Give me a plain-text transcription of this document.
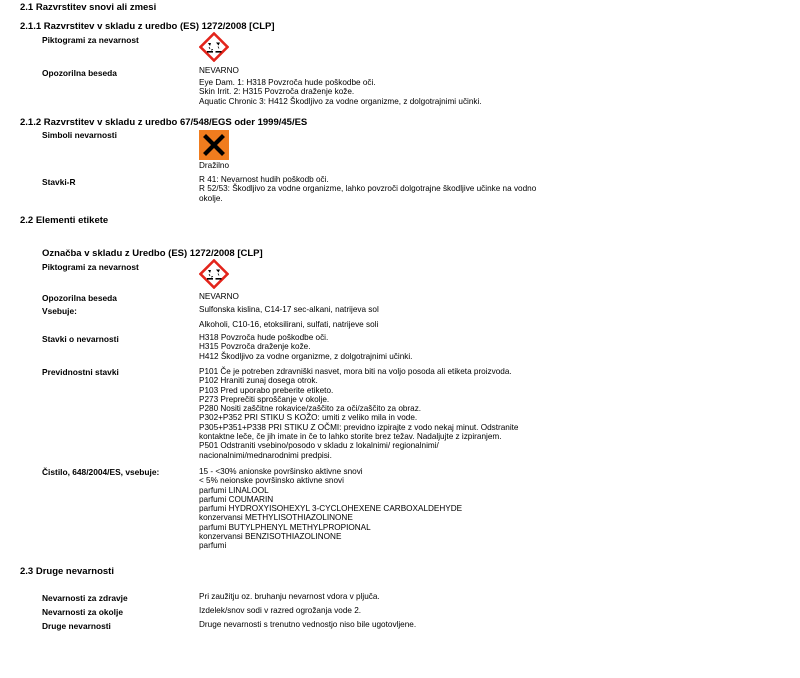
2.1 Razvrstitev snovi ali zmesi
2.1.1 Razvrstitev v skladu z uredbo (ES) 1272/2008 [CLP]
Piktogrami za nevarnost
Opozorilna beseda	NEVARNO
Eye Dam. 1: H318 Povzroča hude poškodbe oči.
Skin Irrit. 2: H315 Povzroča draženje kože.
Aquatic Chronic 3: H412 Škodljivo za vodne organizme, z dolgotrajnimi učinki.
2.1.2 Razvrstitev v skladu z uredbo 67/548/EGS oder 1999/45/ES
Simboli nevarnosti
Dražilno
Stavki-R	R 41: Nevarnost hudih poškodb oči.
R 52/53: Škodljivo za vodne organizme, lahko povzroči dolgotrajne škodljive učinke na vodno
okolje.
2.2 Elementi etikete
Označba v skladu z Uredbo (ES) 1272/2008 [CLP]
Piktogrami za nevarnost
Opozorilna beseda	NEVARNO
Vsebuje:	Sulfonska kislina, C14-17 sec-alkani, natrijeva sol
Alkoholi, C10-16, etoksilirani, sulfati, natrijeve soli
Stavki o nevarnosti	H318 Povzroča hude poškodbe oči.
H315 Povzroča draženje kože.
H412 Škodljivo za vodne organizme, z dolgotrajnimi učinki.
Previdnostni stavki	P101 Če je potreben zdravniški nasvet, mora biti na voljo posoda ali etiketa proizvoda.
P102 Hraniti zunaj dosega otrok.
P103 Pred uporabo preberite etiketo.
P273 Preprečiti sproščanje v okolje.
P280 Nositi zaščitne rokavice/zaščito za oči/zaščito za obraz.
P302+P352 PRI STIKU S KOŽO: umiti z veliko mila in vode.
P305+P351+P338 PRI STIKU Z OČMI: previdno izpirajte z vodo nekaj minut. Odstranite
kontaktne leče, če jih imate in če to lahko storite brez težav. Nadaljujte z izpiranjem.
P501 Odstraniti vsebino/posodo v skladu z lokalnimi/ regionalnimi/
nacionalnimi/mednarodnimi predpisi.
Čistilo, 648/2004/ES, vsebuje:	15 - <30% anionske površinsko aktivne snovi
< 5% neionske površinsko aktivne snovi
parfumi LINALOOL
parfumi COUMARIN
parfumi HYDROXYISOHEXYL 3-CYCLOHEXENE CARBOXALDEHYDE
konzervansi METHYLISOTHIAZOLINONE
parfumi BUTYLPHENYL METHYLPROPIONAL
konzervansi BENZISOTHIAZOLINONE
parfumi
2.3 Druge nevarnosti
Nevarnosti za zdravje	Pri zaužitju oz. bruhanju nevarnost vdora v pljuča.
Nevarnosti za okolje	Izdelek/snov sodi v razred ogrožanja vode 2.
Druge nevarnosti	Druge nevarnosti s trenutno vednostjo niso bile ugotovljene.
